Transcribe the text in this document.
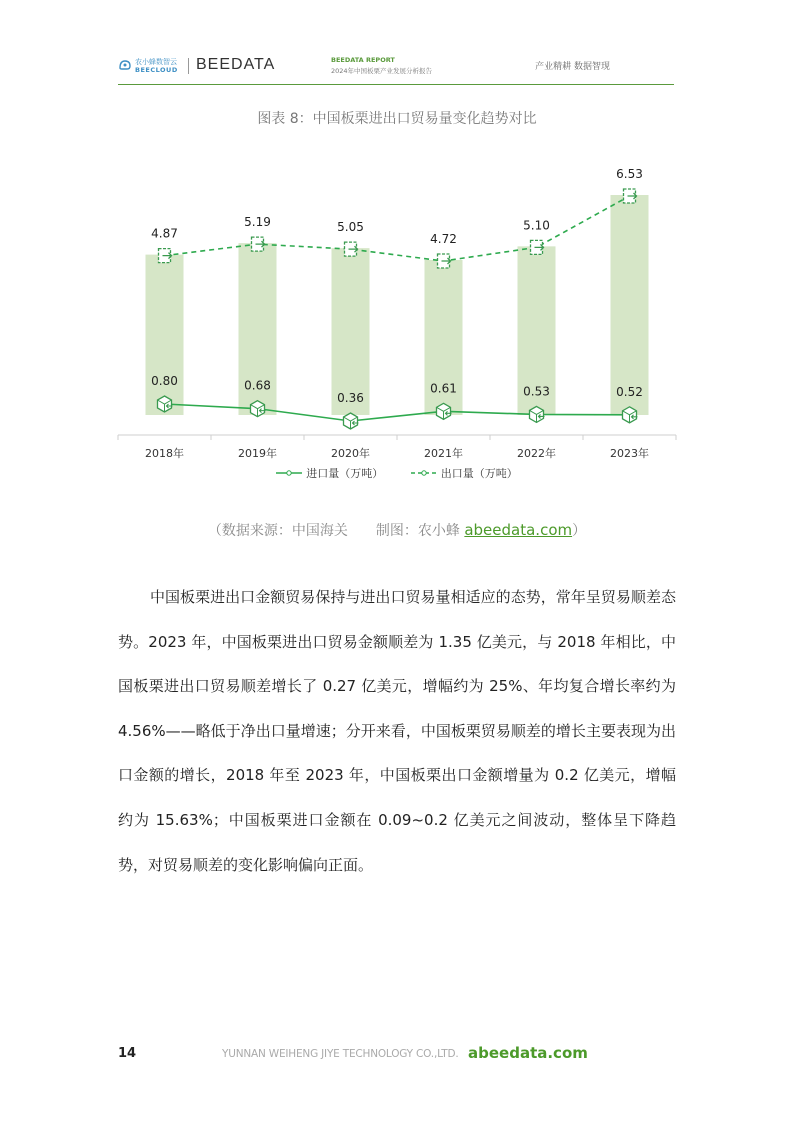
农小蜂数智云
BEECLOUD BEEDATA	BEEDATA REPORT
2024年中国板栗产业发展分析报告	产业精耕 数据智现
图表 8：中国板栗进出口贸易量变化趋势对比
2018年	2019年	2020年	2021年	2022年	2023年
4.87
5.19	5.05
4.72
5.10
6.53
0.80	0.68
0.36
0.61	0.53	0.52
进口量（万吨）
	出口量（万吨）
（数据来源：中国海关　　制图：农小蜂 abeedata.com）

中国板栗进出口金额贸易保持与进出口贸易量相适应的态势，常年呈贸易顺差态势。2023 年，中国板栗进出口贸易金额顺差为 1.35 亿美元，与 2018 年相比，中国板栗进出口贸易顺差增长了 0.27 亿美元，增幅约为 25%、年均复合增长率约为 4.56%——略低于净出口量增速；分开来看，中国板栗贸易顺差的增长主要表现为出口金额的增长，2018 年至 2023 年，中国板栗出口金额增量为 0.2 亿美元，增幅约为 15.63%；中国板栗进口金额在 0.09~0.2 亿美元之间波动，整体呈下降趋势，对贸易顺差的变化影响偏向正面。

14	YUNNAN WEIHENG JIYE TECHNOLOGY CO.,LTD. abeedata.com
